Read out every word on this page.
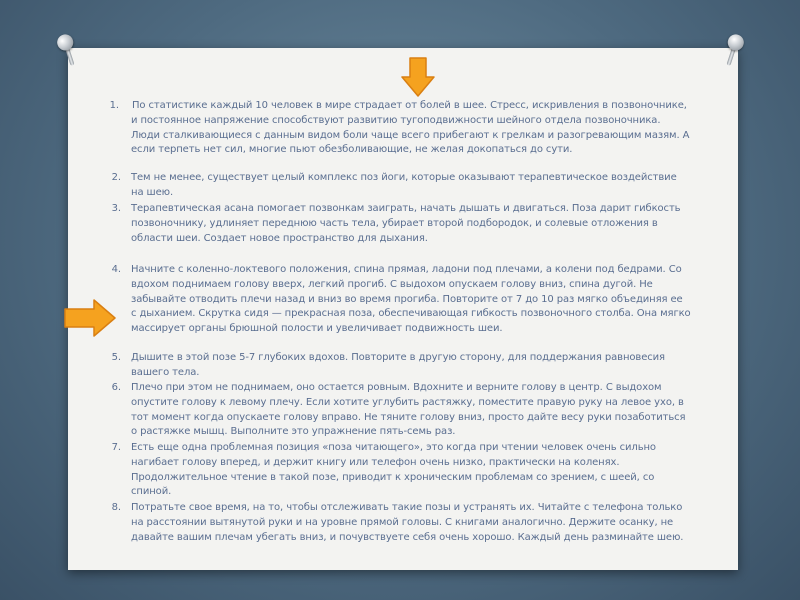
1. По статистике каждый 10 человек в мире страдает от болей в шее. Стресс, искривления в позвоночнике, и постоянное напряжение способствуют развитию тугоподвижности шейного отдела позвоночника. Люди сталкивающиеся с данным видом боли чаще всего прибегают к грелкам и разогревающим мазям. А если терпеть нет сил, многие пьют обезболивающие, не желая докопаться до сути.
2. Тем не менее, существует целый комплекс поз йоги, которые оказывают терапевтическое воздействие на шею.
3. Терапевтическая асана помогает позвонкам заиграть, начать дышать и двигаться. Поза дарит гибкость позвоночнику, удлиняет переднюю часть тела, убирает второй подбородок, и солевые отложения в области шеи. Создает новое пространство для дыхания.
4. Начните с коленно-локтевого положения, спина прямая, ладони под плечами, а колени под бедрами. Со вдохом поднимаем голову вверх, легкий прогиб. С выдохом опускаем голову вниз, спина дугой. Не забывайте отводить плечи назад и вниз во время прогиба. Повторите от 7 до 10 раз мягко объединяя ее с дыханием. Скрутка сидя — прекрасная поза, обеспечивающая гибкость позвоночного столба. Она мягко массирует органы брюшной полости и увеличивает подвижность шеи.
5. Дышите в этой позе 5-7 глубоких вдохов. Повторите в другую сторону, для поддержания равновесия вашего тела.
6. Плечо при этом не поднимаем, оно остается ровным. Вдохните и верните голову в центр. С выдохом опустите голову к левому плечу. Если хотите углубить растяжку, поместите правую руку на левое ухо, в тот момент когда опускаете голову вправо. Не тяните голову вниз, просто дайте весу руки позаботиться о растяжке мышц. Выполните это упражнение пять-семь раз.
7. Есть еще одна проблемная позиция «поза читающего», это когда при чтении человек очень сильно нагибает голову вперед, и держит книгу или телефон очень низко, практически на коленях. Продолжительное чтение в такой позе, приводит к хроническим проблемам со зрением, с шеей, со спиной.
8. Потратьте свое время, на то, чтобы отслеживать такие позы и устранять их. Читайте с телефона только на расстоянии вытянутой руки и на уровне прямой головы. С книгами аналогично. Держите осанку, не давайте вашим плечам убегать вниз, и почувствуете себя очень хорошо. Каждый день разминайте шею.
